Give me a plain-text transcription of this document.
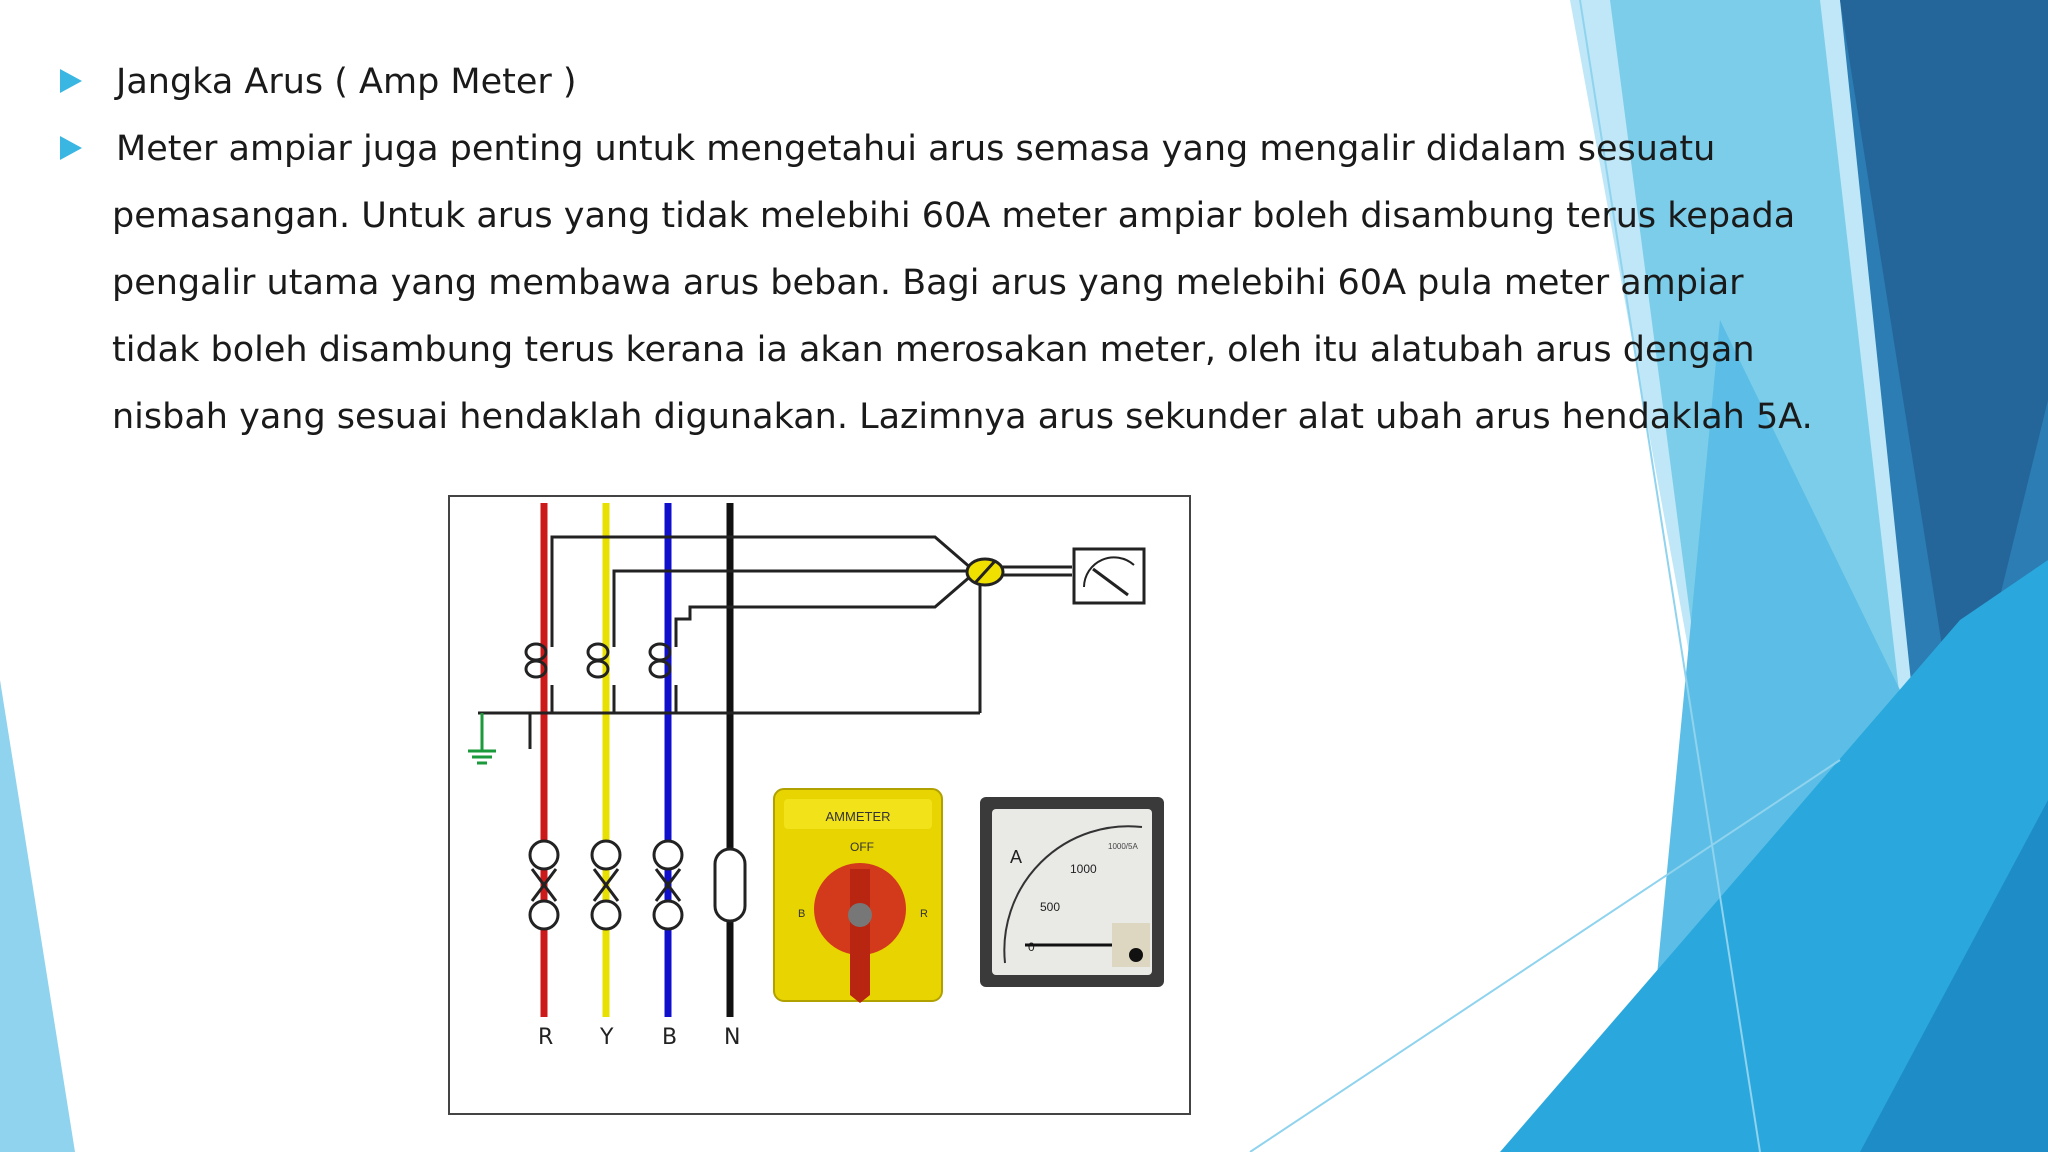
Jangka Arus ( Amp Meter )
Meter ampiar juga penting untuk mengetahui arus semasa yang mengalir didalam sesuatu
pemasangan. Untuk arus yang tidak melebihi 60A meter ampiar boleh disambung terus kepada
pengalir utama yang membawa arus beban. Bagi arus yang melebihi 60A pula meter ampiar
tidak boleh disambung terus kerana ia akan merosakan meter, oleh itu alatubah arus dengan
nisbah yang sesuai hendaklah digunakan. Lazimnya arus sekunder alat ubah arus hendaklah 5A.
AMMETER
OFF
B	R
A
1000
500
0
1000/5A
R Y B N
